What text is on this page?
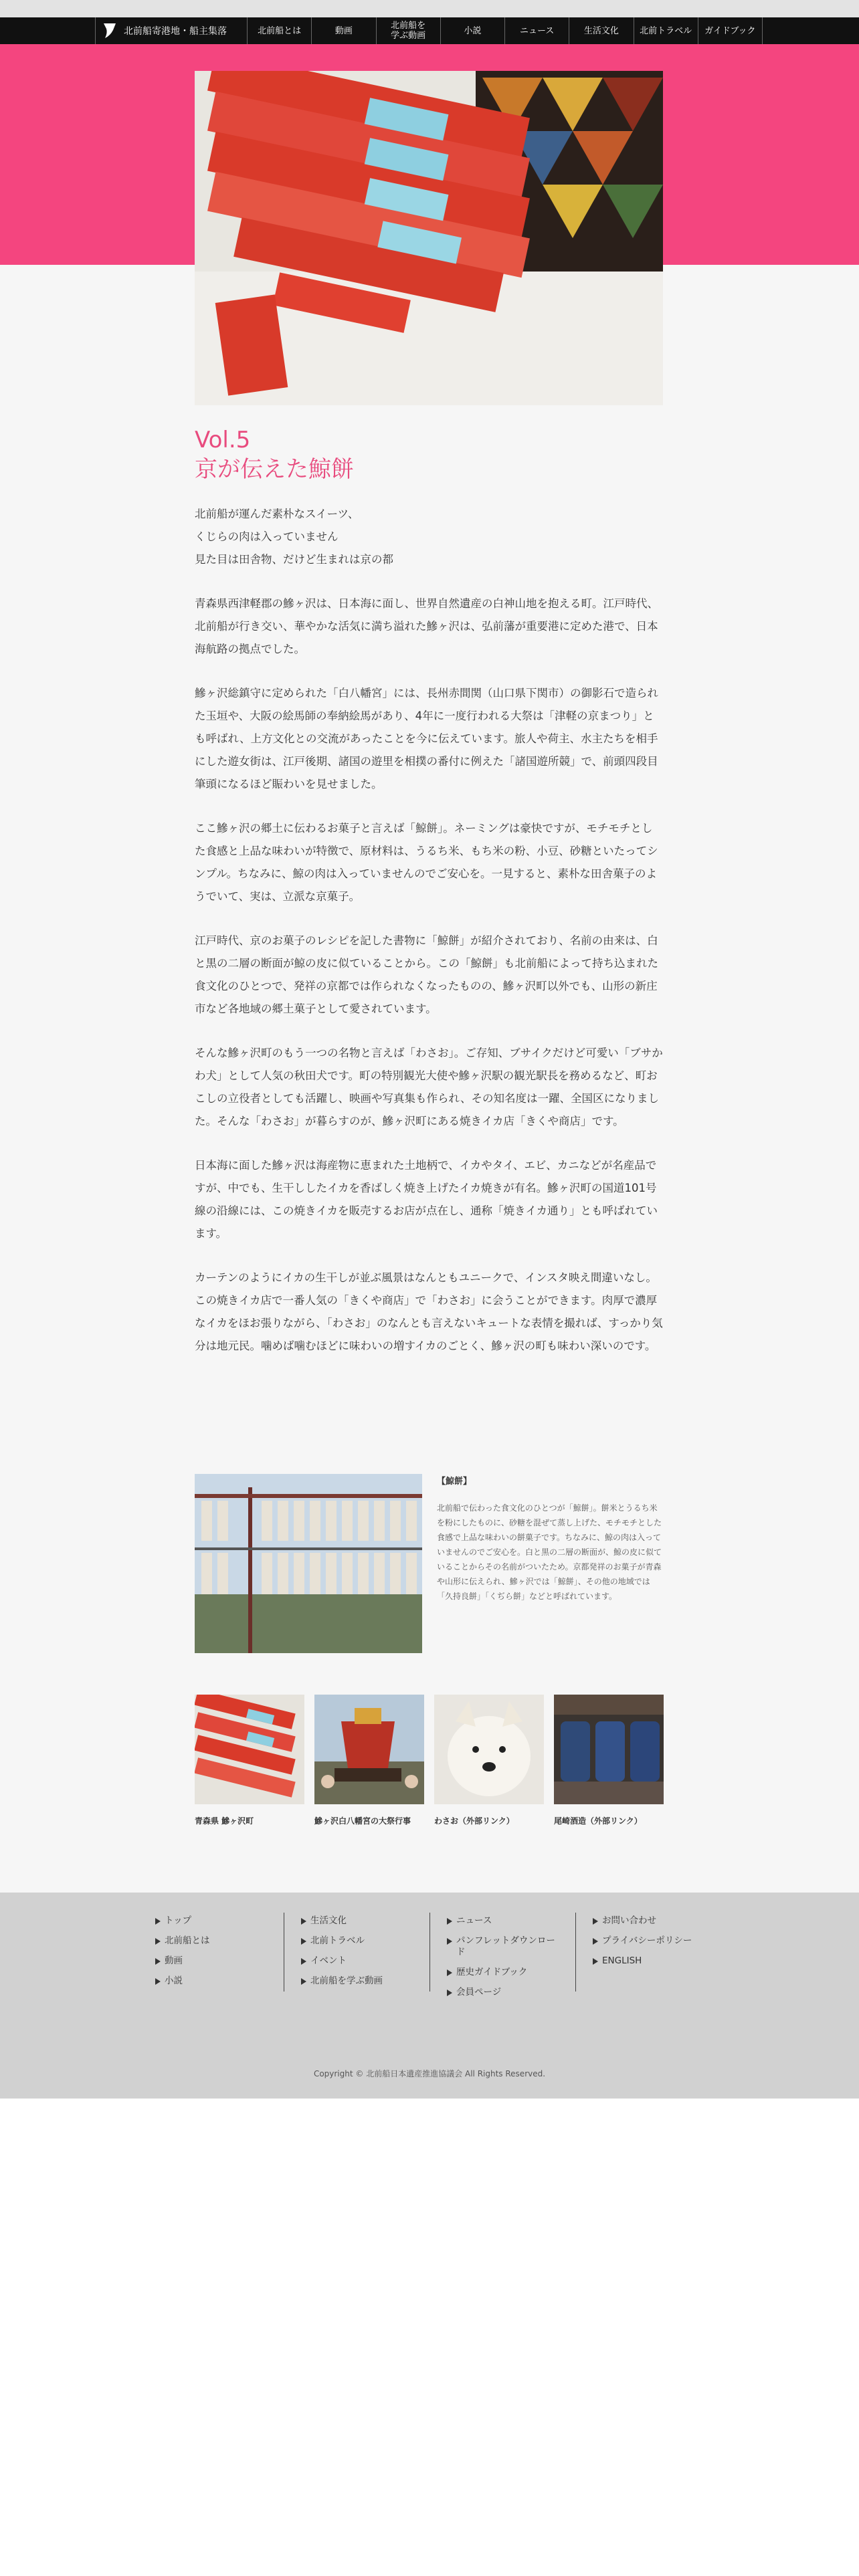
北前船寄港地・船主集落	北前船とは	動画	北前船を
学ぶ動画	小説	ニュース	生活文化	北前トラベル	ガイドブック
Vol.5
京が伝えた鯨餅

北前船が運んだ素朴なスイーツ、
くじらの肉は入っていません
見た目は田舎物、だけど生まれは京の都

青森県西津軽郡の鰺ヶ沢は、日本海に面し、世界自然遺産の白神山地を抱える町。江戸時代、北前船が行き交い、華やかな活気に満ち溢れた鰺ヶ沢は、弘前藩が重要港に定めた港で、日本海航路の拠点でした。

鰺ヶ沢総鎮守に定められた「白八幡宮」には、長州赤間関（山口県下関市）の御影石で造られた玉垣や、大阪の絵馬師の奉納絵馬があり、4年に一度行われる大祭は「津軽の京まつり」とも呼ばれ、上方文化との交流があったことを今に伝えています。旅人や荷主、水主たちを相手にした遊女街は、江戸後期、諸国の遊里を相撲の番付に例えた「諸国遊所競」で、前頭四段目筆頭になるほど賑わいを見せました。

ここ鰺ヶ沢の郷土に伝わるお菓子と言えば「鯨餅」。ネーミングは豪快ですが、モチモチとした食感と上品な味わいが特徴で、原材料は、うるち米、もち米の粉、小豆、砂糖といたってシンプル。ちなみに、鯨の肉は入っていませんのでご安心を。一見すると、素朴な田舎菓子のようでいて、実は、立派な京菓子。

江戸時代、京のお菓子のレシピを記した書物に「鯨餅」が紹介されており、名前の由来は、白と黒の二層の断面が鯨の皮に似ていることから。この「鯨餅」も北前船によって持ち込まれた食文化のひとつで、発祥の京都では作られなくなったものの、鰺ヶ沢町以外でも、山形の新庄市など各地域の郷土菓子として愛されています。

そんな鰺ヶ沢町のもう一つの名物と言えば「わさお」。ご存知、ブサイクだけど可愛い「ブサかわ犬」として人気の秋田犬です。町の特別観光大使や鰺ヶ沢駅の観光駅長を務めるなど、町おこしの立役者としても活躍し、映画や写真集も作られ、その知名度は一躍、全国区になりました。そんな「わさお」が暮らすのが、鰺ヶ沢町にある焼きイカ店「きくや商店」です。

日本海に面した鰺ヶ沢は海産物に恵まれた土地柄で、イカやタイ、エビ、カニなどが名産品ですが、中でも、生干ししたイカを香ばしく焼き上げたイカ焼きが有名。鰺ヶ沢町の国道101号線の沿線には、この焼きイカを販売するお店が点在し、通称「焼きイカ通り」とも呼ばれています。

カーテンのようにイカの生干しが並ぶ風景はなんともユニークで、インスタ映え間違いなし。この焼きイカ店で一番人気の「きくや商店」で「わさお」に会うことができます。肉厚で濃厚なイカをほお張りながら、「わさお」のなんとも言えないキュートな表情を撮れば、すっかり気分は地元民。噛めば噛むほどに味わいの増すイカのごとく、鰺ヶ沢の町も味わい深いのです。

【鯨餅】
北前船で伝わった食文化のひとつが「鯨餅」。餅米とうるち米を粉にしたものに、砂糖を混ぜて蒸し上げた、モチモチとした食感で上品な味わいの餅菓子です。ちなみに、鯨の肉は入っていませんのでご安心を。白と黒の二層の断面が、鯨の皮に似ていることからその名前がついたため。京都発祥のお菓子が青森や山形に伝えられ、鰺ヶ沢では「鯨餅」、その他の地域では「久持良餅」「くぢら餅」などと呼ばれています。
青森県 鰺ヶ沢町	鰺ヶ沢白八幡宮の大祭行事	わさお（外部リンク）	尾崎酒造（外部リンク）
トップ
北前船とは
動画
小説
生活文化
北前トラベル
イベント
北前船を学ぶ動画
ニュース
パンフレットダウンロード
歴史ガイドブック
会員ページ
お問い合わせ
プライバシーポリシー
ENGLISH
Copyright © 北前船日本遺産推進協議会 All Rights Reserved.
